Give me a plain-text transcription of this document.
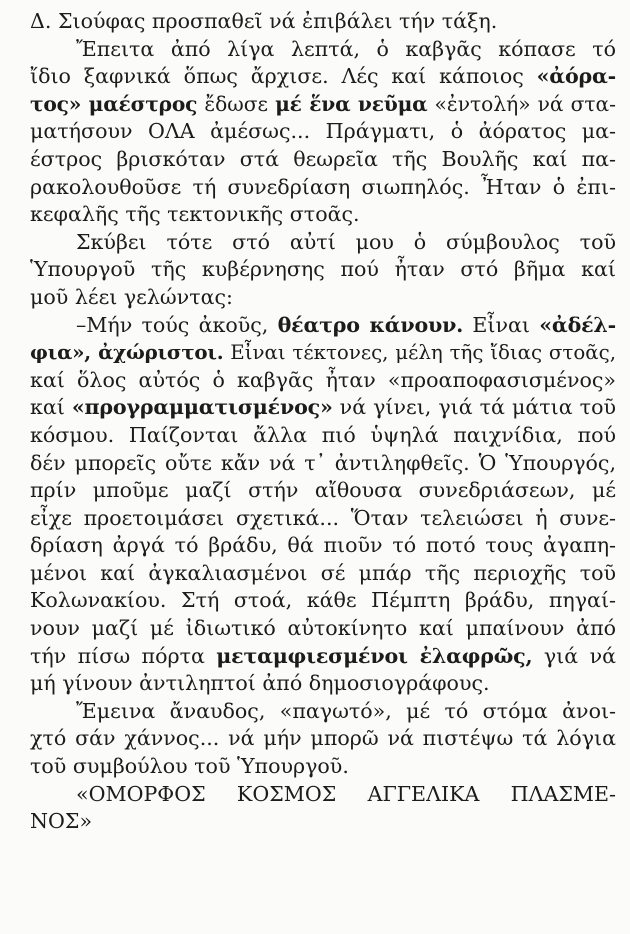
Δ. Σιούφας προσπαθεῖ νά ἐπιβάλει τήν τάξη.
Ἔπειτα ἀπό λίγα λεπτά, ὁ καβγᾶς κόπασε τό
ἴδιο ξαφνικά ὅπως ἄρχισε. Λές καί κάποιος «ἀόρα-
τος» μαέστρος ἔδωσε μέ ἕνα νεῦμα «ἐντολή» νά στα-
ματήσουν ΟΛΑ ἀμέσως... Πράγματι, ὁ ἀόρατος μα-
έστρος βρισκόταν στά θεωρεῖα τῆς Βουλῆς καί πα-
ρακολουθοῦσε τή συνεδρίαση σιωπηλός. Ἦταν ὁ ἐπι-
κεφαλῆς τῆς τεκτονικῆς στοᾶς.
Σκύβει τότε στό αὐτί μου ὁ σύμβουλος τοῦ
Ὑπουργοῦ τῆς κυβέρνησης πού ἦταν στό βῆμα καί
μοῦ λέει γελώντας:
–Μήν τούς ἀκοῦς, θέατρο κάνουν. Εἶναι «ἀδέλ-
φια», ἀχώριστοι. Εἶναι τέκτονες, μέλη τῆς ἴδιας στοᾶς,
καί ὅλος αὐτός ὁ καβγᾶς ἦταν «προαποφασισμένος»
καί «προγραμματισμένος» νά γίνει, γιά τά μάτια τοῦ
κόσμου. Παίζονται ἄλλα πιό ὑψηλά παιχνίδια, πού
δέν μπορεῖς οὔτε κἄν νά τ᾽ ἀντιληφθεῖς. Ὁ Ὑπουργός,
πρίν μποῦμε μαζί στήν αἴθουσα συνεδριάσεων, μέ
εἶχε προετοιμάσει σχετικά... Ὅταν τελειώσει ἡ συνε-
δρίαση ἀργά τό βράδυ, θά πιοῦν τό ποτό τους ἀγαπη-
μένοι καί ἀγκαλιασμένοι σέ μπάρ τῆς περιοχῆς τοῦ
Κολωνακίου. Στή στοά, κάθε Πέμπτη βράδυ, πηγαί-
νουν μαζί μέ ἰδιωτικό αὐτοκίνητο καί μπαίνουν ἀπό
τήν πίσω πόρτα μεταμφιεσμένοι ἐλαφρῶς, γιά νά
μή γίνουν ἀντιληπτοί ἀπό δημοσιογράφους.
Ἔμεινα ἄναυδος, «παγωτό», μέ τό στόμα ἀνοι-
χτό σάν χάννος... νά μήν μπορῶ νά πιστέψω τά λόγια
τοῦ συμβούλου τοῦ Ὑπουργοῦ.
«ΟΜΟΡΦΟΣ ΚΟΣΜΟΣ ΑΓΓΕΛΙΚΑ ΠΛΑΣΜΕ-
ΝΟΣ»
